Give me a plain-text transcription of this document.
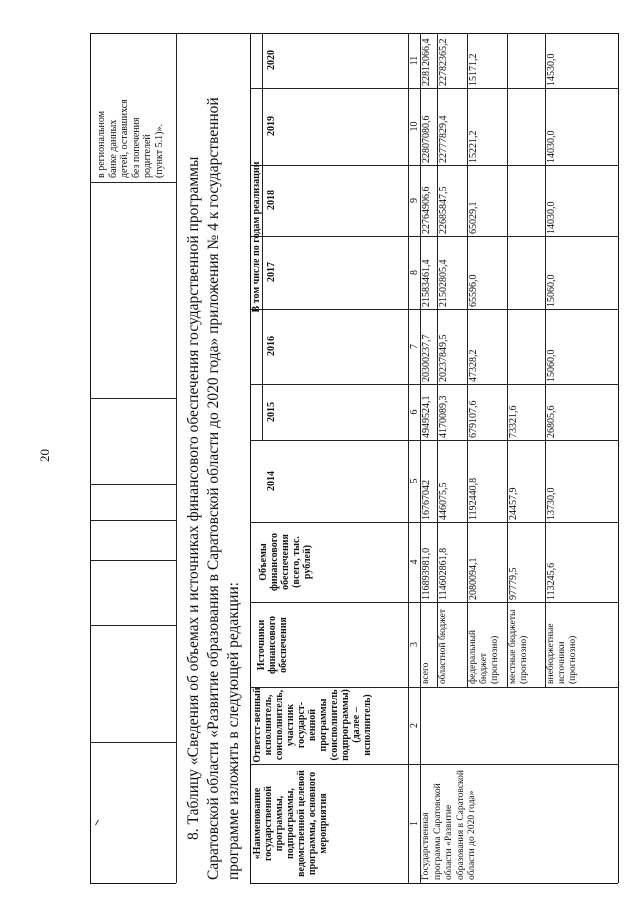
20
в региональном банке данных детей, оставшихся без попечения родителей (пункт 5.1)».
8. Таблицу «Сведения об объемах и источниках финансового обеспечения государственной программы Саратовской области «Развитие образования в Саратовской области до 2020 года» приложения № 4 к государственной программе изложить в следующей редакции: «Наименование государственной программы, подпрограммы, ведомственной целевой программы, основного мероприятия
Ответст-венный исполнитель, соисполнитель, участник государст-венной программы (соисполнитель подпрограммы) (далее – исполнитель)
Источники финансового обеспечения
Объемы финансового обеспечения (всего, тыс. рублей)
В том числе по годам реализации
2014
2015
2016
2017
2018
2019
2020
1
2
3
4
5
6
7
8
9
10
11
Государственная программа Саратовской области «Развитие образования в Саратовской области до 2020 года»
всего
116893981,0
16767042
4949524,1
20300237,7
21583461,4
22764906,6
22807080,6
22812066,4
областной бюджет
114602861,8
446075,5
4170089,3
20237849,5
21502805,4
22685847,5
22777829,4
22782365,2
федеральный бюджет (прогнозно)
2080094,1
1192440,8
679107,6
47328,2
65596,0
65029,1
15221,2
15171,2
местные бюджеты (прогнозно)
97779,5
24457,9
73321,6
внебюджетные источники (прогнозно)
113245,6
13730,0
26805,6
15060,0
15060,0
14030,0
14030,0
14530,0
